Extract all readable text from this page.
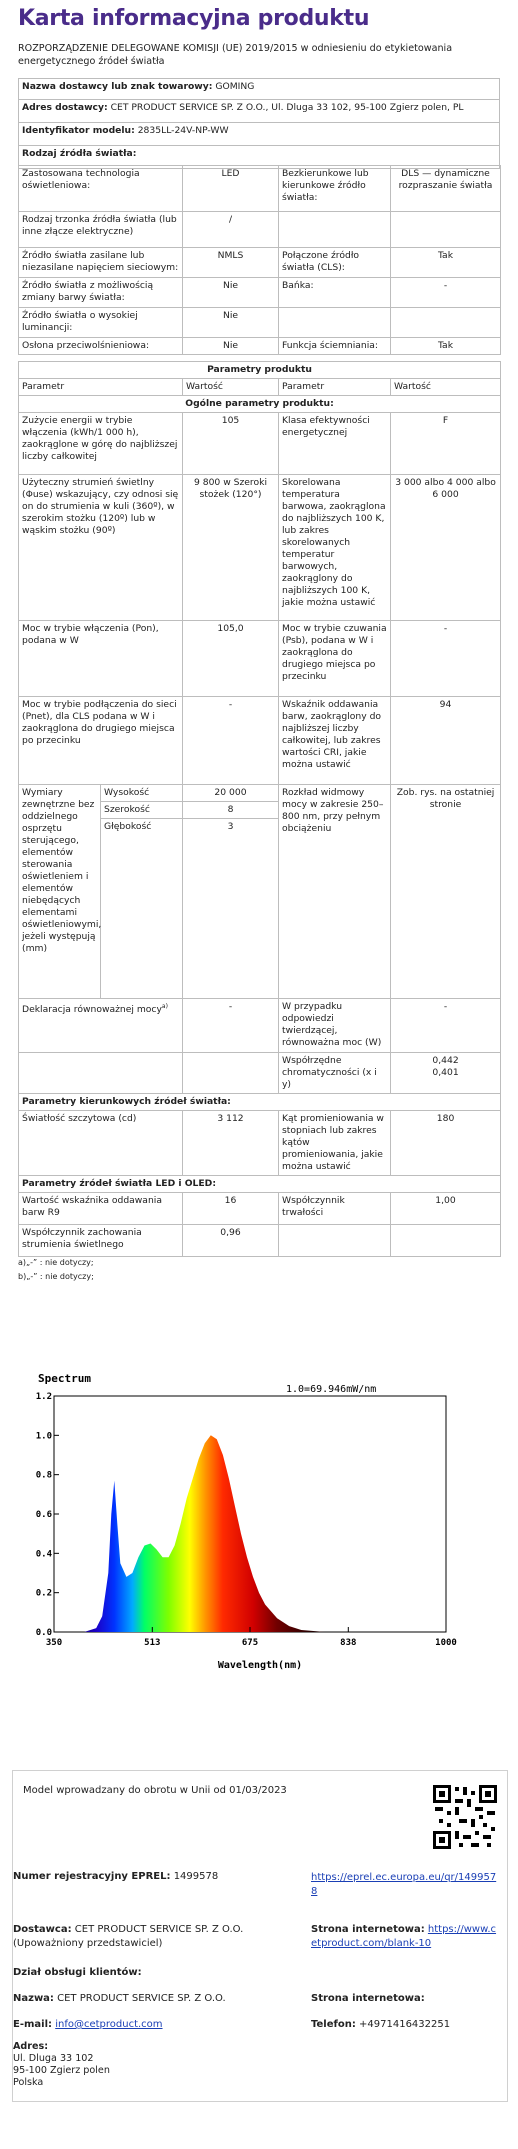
Karta informacyjna produktu
ROZPORZĄDZENIE DELEGOWANE KOMISJI (UE) 2019/2015 w odniesieniu do etykietowania energetycznego źródeł światła
Nazwa dostawcy lub znak towarowy: GOMING
Adres dostawcy: CET PRODUCT SERVICE SP. Z O.O., Ul. Dluga 33 102, 95-100 Zgierz polen, PL
Identyfikator modelu: 2835LL-24V-NP-WW
Rodzaj źródła światła:
Zastosowana technologia oświetleniowa:	LED	Bezkierunkowe lub kierunkowe źródło światła:	DLS — dynamiczne rozpraszanie światła
Rodzaj trzonka źródła światła (lub inne złącze elektryczne)	/		
Źródło światła zasilane lub niezasilane napięciem sieciowym:	NMLS	Połączone źródło światła (CLS):	Tak
Źródło światła z możliwością zmiany barwy światła:	Nie	Bańka:	-
Źródło światła o wysokiej luminancji:	Nie		
Osłona przeciwolśnieniowa:	Nie	Funkcja ściemniania:	Tak
Parametry produktu				
Parametr		Wartość	Parametr	Wartość
Ogólne parametry produktu:				
Zużycie energii w trybie włączenia (kWh/1 000 h), zaokrąglone w górę do najbliższej liczby całkowitej		105	Klasa efektywności energetycznej	F
Użyteczny strumień świetlny (Φuse) wskazujący, czy odnosi się on do strumienia w kuli (360º), w szerokim stożku (120º) lub w wąskim stożku (90º)		9 800 w Szeroki stożek (120°)	Skorelowana temperatura barwowa, zaokrąglona do najbliższych 100 K, lub zakres skorelowanych temperatur barwowych, zaokrąglony do najbliższych 100 K, jakie można ustawić	3 000 albo 4 000 albo 6 000
Moc w trybie włączenia (Pon), podana w W		105,0	Moc w trybie czuwania (Psb), podana w W i zaokrąglona do drugiego miejsca po przecinku	-
Moc w trybie podłączenia do sieci (Pnet), dla CLS podana w W i zaokrąglona do drugiego miejsca po przecinku		-	Wskaźnik oddawania barw, zaokrąglony do najbliższej liczby całkowitej, lub zakres wartości CRI, jakie można ustawić	94
Wymiary zewnętrzne bez oddzielnego osprzętu sterującego, elementów sterowania oświetleniem i elementów niebędących elementami oświetleniowymi, jeżeli występują (mm)	Wysokość	20 000	Rozkład widmowy mocy w zakresie 250–800 nm, przy pełnym obciążeniu	Zob. rys. na ostatniej stronie
	Szerokość	8		
	Głębokość	3		
Deklaracja równoważnej mocy$^{a)}$		-	W przypadku odpowiedzi twierdzącej, równoważna moc (W)	-
			Współrzędne chromatyczności (x i y)	0,442
0,401
Parametry kierunkowych źródeł światła:				
Światłość szczytowa (cd)		3 112	Kąt promieniowania w stopniach lub zakres kątów promieniowania, jakie można ustawić	180
Parametry źródeł światła LED i OLED:				
Wartość wskaźnika oddawania barw R9		16	Współczynnik trwałości	1,00
Współczynnik zachowania strumienia świetlnego		0,96		
a)„-” : nie dotyczy;
b)„-” : nie dotyczy;
Spectrum
1.0=69.946mW/nm
Wavelength(nm)
0.0
0.2
0.4
0.6
0.8
1.0
1.2
350	513	675	838	1000
Model wprowadzany do obrotu w Unii od 01/03/2023
Numer rejestracyjny EPREL: 1499578	https://eprel.ec.europa.eu/qr/1499578
Dostawca: CET PRODUCT SERVICE SP. Z O.O. (Upoważniony przedstawiciel)
Strona internetowa: https://www.cetproduct.com/blank-10
Dział obsługi klientów:
Nazwa: CET PRODUCT SERVICE SP. Z O.O.	Strona internetowa:
E-mail: info@cetproduct.com	Telefon: +4971416432251
Adres:
Ul. Dluga 33 102
95-100 Zgierz polen
Polska
